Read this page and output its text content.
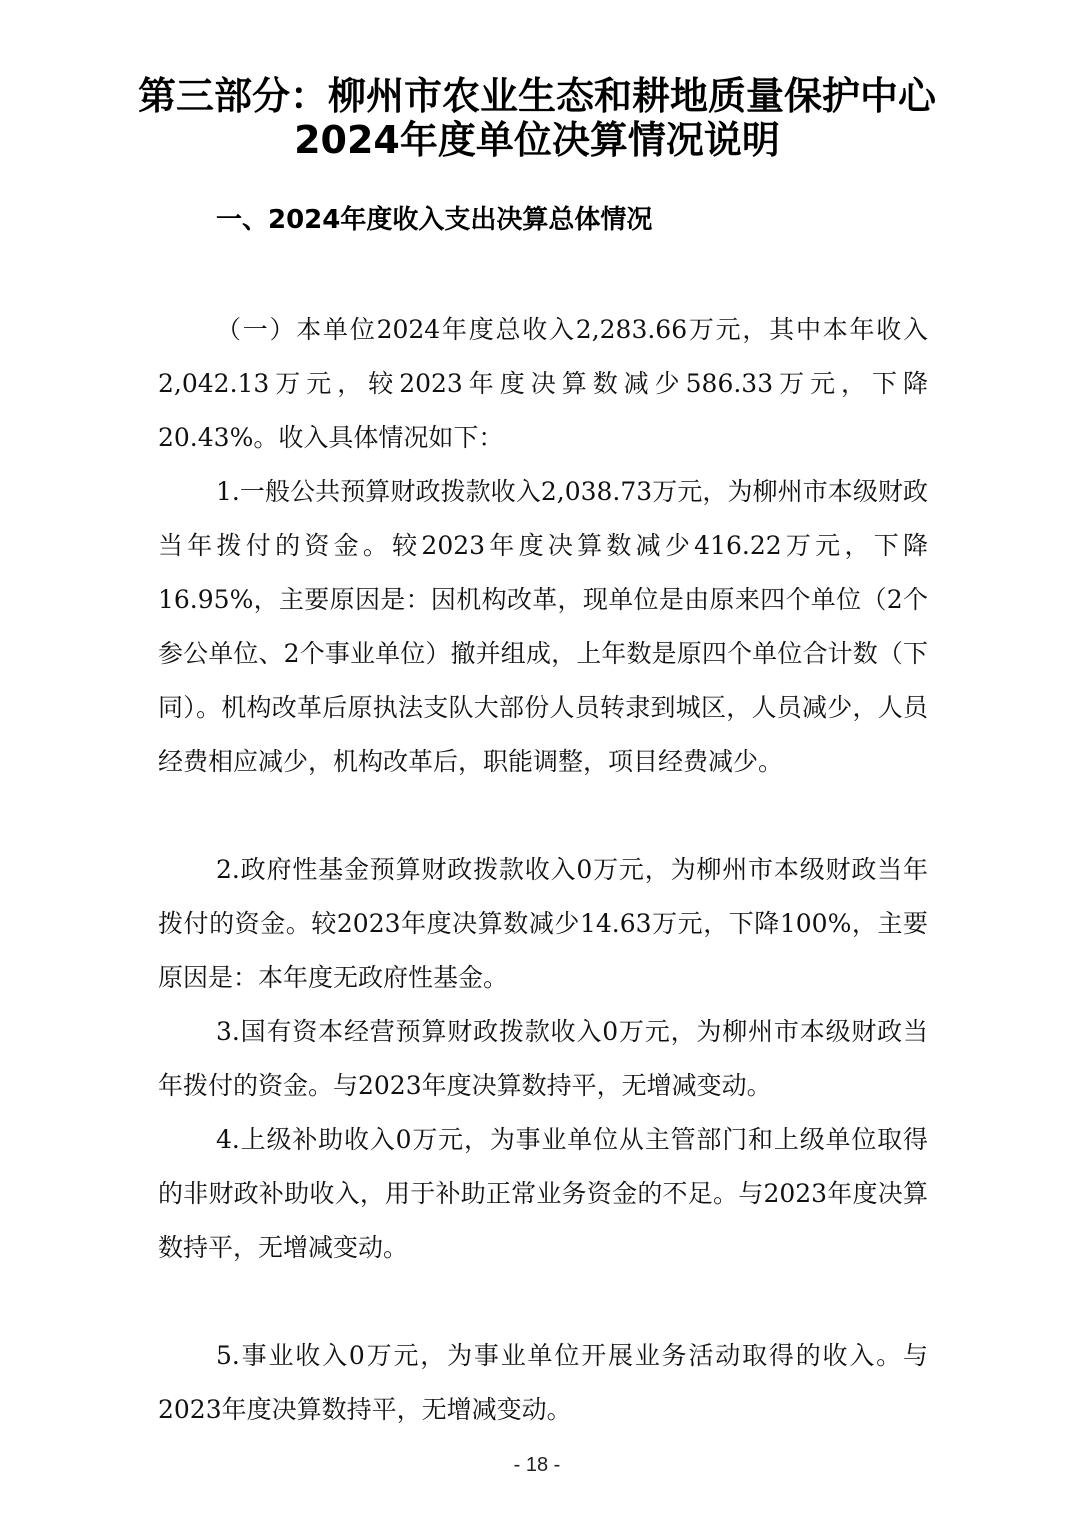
第三部分：柳州市农业生态和耕地质量保护中心2024年度单位决算情况说明
一、2024年度收入支出决算总体情况

（一）本单位2024年度总收入2,283.66万元，其中本年收入2,042.13万元，较2023年度决算数减少586.33万元，下降20.43%。收入具体情况如下：

1.一般公共预算财政拨款收入2,038.73万元，为柳州市本级财政当年拨付的资金。较2023年度决算数减少416.22万元，下降16.95%，主要原因是：因机构改革，现单位是由原来四个单位（2个参公单位、2个事业单位）撤并组成，上年数是原四个单位合计数（下同）。机构改革后原执法支队大部份人员转隶到城区，人员减少，人员经费相应减少，机构改革后，职能调整，项目经费减少。

2.政府性基金预算财政拨款收入0万元，为柳州市本级财政当年拨付的资金。较2023年度决算数减少14.63万元，下降100%，主要原因是：本年度无政府性基金。

3.国有资本经营预算财政拨款收入0万元，为柳州市本级财政当年拨付的资金。与2023年度决算数持平，无增减变动。

4.上级补助收入0万元，为事业单位从主管部门和上级单位取得的非财政补助收入，用于补助正常业务资金的不足。与2023年度决算数持平，无增减变动。

5.事业收入0万元，为事业单位开展业务活动取得的收入。与2023年度决算数持平，无增减变动。

- 18 -
